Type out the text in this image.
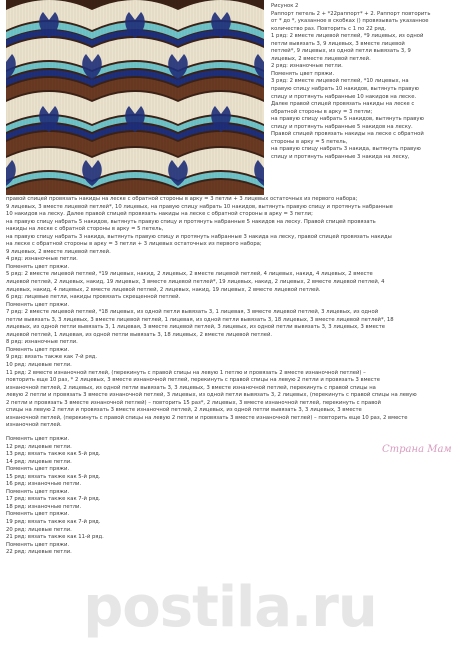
Рисунок 2

Раппорт петель 2 + *22раппорт* + 2. Раппорт повторить

от * до *, указанное в скобках () провязывать указанное

количество раз. Повторить с 1 по 22 ряд.

1 ряд: 2 вместе лицевой петлей, *9 лицевых, из одной

петли вывязать 3, 9 лицевых, 3 вместе лицевой

петлей*, 9 лицевых, из одной петли вывязать 3, 9

лицевых, 2 вместе лицевой петлей.

2 ряд: изнаночные петли.

Поменять цвет пряжи.

3 ряд: 2 вместе лицевой петлей, *10 лицевых, на

правую спицу набрать 10 накидов, вытянуть правую

спицу и протянуть набранные 10 накидов на леске.

Далее правой спицей провязать накиды на леске с

обратной стороны в арку = 3 петли;

на правую спицу набрать 5 накидов, вытянуть правую

спицу и протянуть набранные 5 накидов на леску.

Правой спицей провязать накиды на леске с обратной

стороны в арку = 5 петель,

на правую спицу набрать 3 накида, вытянуть правую

спицу и протянуть набранные 3 накида на леску,

правой спицей провязать накиды на леске с обратной стороны в арку = 3 петли + 3 лицевых остаточных из первого набора;

9 лицевых, 3 вместе лицевой петлей*, 10 лицевых, на правую спицу набрать 10 накидов, вытянуть правую спицу и протянуть набранные

10 накидов на леску. Далее правой спицей провязать накиды на леске с обратной стороны в арку = 3 петли;

на правую спицу набрать 5 накидов, вытянуть правую спицу и протянуть набранные 5 накидов на леску. Правой спицей провязать

накиды на леске с обратной стороны в арку = 5 петель,

на правую спицу набрать 3 накида, вытянуть правую спицу и протянуть набранные 3 накида на леску, правой спицей провязать накиды

на леске с обратной стороны в арку = 3 петли + 3 лицевых остаточных из первого набора;

9 лицевых, 2 вместе лицевой петлей.

4 ряд: изнаночные петли.

Поменять цвет пряжи.

5 ряд: 2 вместе лицевой петлей, *19 лицевых, накид, 2 лицевых, 2 вместе лицевой петлей, 4 лицевых, накид, 4 лицевых, 2 вместе

лицевой петлей, 2 лицевых, накид, 19 лицевых, 3 вместе лицевой петлей*, 19 лицевых, накид, 2 лицевых, 2 вместе лицевой петлей, 4

лицевых, накид, 4 лицевых, 2 вместе лицевой петлей, 2 лицевых, накид, 19 лицевых, 2 вместе лицевой петлей.

6 ряд: лицевые петли, накиды провязать скрещенной петлей.

Поменять цвет пряжи.

7 ряд: 2 вместе лицевой петлей, *18 лицевых, из одной петли вывязать 3, 1 лицевая, 3 вместе лицевой петлей, 3 лицевых, из одной

петли вывязать 3, 3 лицевых, 3 вместе лицевой петлей, 1 лицевая, из одной петли вывязать 3, 18 лицевых, 3 вместе лицевой петлей*, 18

лицевых, из одной петли вывязать 3, 1 лицевая, 3 вместе лицевой петлей, 3 лицевых, из одной петли вывязать 3, 3 лицевых, 3 вместе

лицевой петлей, 1 лицевая, из одной петли вывязать 3, 18 лицевых, 2 вместе лицевой петлей.

8 ряд: изнаночные петли.

Поменять цвет пряжи.

9 ряд: вязать также как 7-й ряд.

10 ряд: лицевые петли.

11 ряд: 2 вместе изнаночной петлей, (перекинуть с правой спицы на левую 1 петлю и провязать 2 вместе изнаночной петлей) –

повторить еще 10 раз, * 2 лицевых, 3 вместе изнаночной петлей, перекинуть с правой спицы на левую 2 петли и провязать 3 вместе

изнаночной петлей, 2 лицевых, из одной петли вывязать 3, 3 лицевых, 3 вместе изнаночной петлей, перекинуть с правой спицы на

левую 2 петли и провязать 3 вместе изнаночной петлей, 3 лицевых, из одной петли вывязать 3, 2 лицевых, (перекинуть с правой спицы на левую

2 петли и провязать 3 вместе изнаночной петлей) – повторить 15 раз*, 2 лицевых, 3 вместе изнаночной петлей, перекинуть с правой

спицы на левую 2 петли и провязать 3 вместе изнаночной петлей, 2 лицевых, из одной петли вывязать 3, 3 лицевых, 3 вместе

изнаночной петлей, (перекинуть с правой спицы на левую 2 петли и провязать 3 вместе изнаночной петлей) – повторить еще 10 раз, 2 вместе

изнаночной петлей.

Поменять цвет пряжи.

12 ряд: лицевые петли.

13 ряд: вязать также как 5-й ряд.

14 ряд: лицевые петли.

Поменять цвет пряжи.

15 ряд: вязать также как 5-й ряд.

16 ряд: изнаночные петли.

Поменять цвет пряжи.

17 ряд: вязать также как 7-й ряд.

18 ряд: изнаночные петли.

Поменять цвет пряжи.

19 ряд: вязать также как 7-й ряд.

20 ряд: лицевые петли.

21 ряд: вязать также как 11-й ряд.

Поменять цвет пряжи.

22 ряд: лицевые петли.

Страна Мам
postila.ru
